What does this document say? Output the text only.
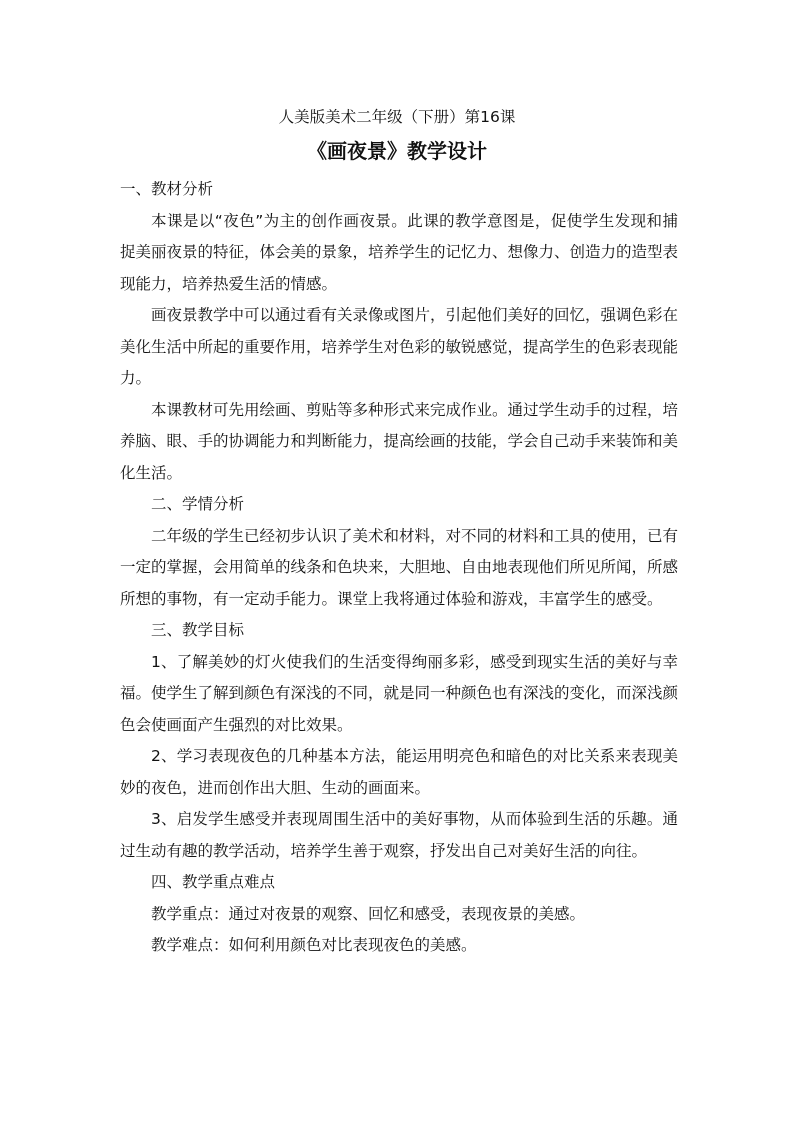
人美版美术二年级（下册）第16课
《画夜景》教学设计

一、教材分析

本课是以“夜色”为主的创作画夜景。此课的教学意图是，促使学生发现和捕捉美丽夜景的特征，体会美的景象，培养学生的记忆力、想像力、创造力的造型表现能力，培养热爱生活的情感。

画夜景教学中可以通过看有关录像或图片，引起他们美好的回忆，强调色彩在美化生活中所起的重要作用，培养学生对色彩的敏锐感觉，提高学生的色彩表现能力。

本课教材可先用绘画、剪贴等多种形式来完成作业。通过学生动手的过程，培养脑、眼、手的协调能力和判断能力，提高绘画的技能，学会自己动手来装饰和美化生活。

二、学情分析

二年级的学生已经初步认识了美术和材料，对不同的材料和工具的使用，已有一定的掌握，会用简单的线条和色块来，大胆地、自由地表现他们所见所闻，所感所想的事物，有一定动手能力。课堂上我将通过体验和游戏，丰富学生的感受。

三、教学目标

1、了解美妙的灯火使我们的生活变得绚丽多彩，感受到现实生活的美好与幸福。使学生了解到颜色有深浅的不同，就是同一种颜色也有深浅的变化，而深浅颜色会使画面产生强烈的对比效果。

2、学习表现夜色的几种基本方法，能运用明亮色和暗色的对比关系来表现美妙的夜色，进而创作出大胆、生动的画面来。

3、启发学生感受并表现周围生活中的美好事物，从而体验到生活的乐趣。通过生动有趣的教学活动，培养学生善于观察，抒发出自己对美好生活的向往。

四、教学重点难点

教学重点：通过对夜景的观察、回忆和感受，表现夜景的美感。

教学难点：如何利用颜色对比表现夜色的美感。
